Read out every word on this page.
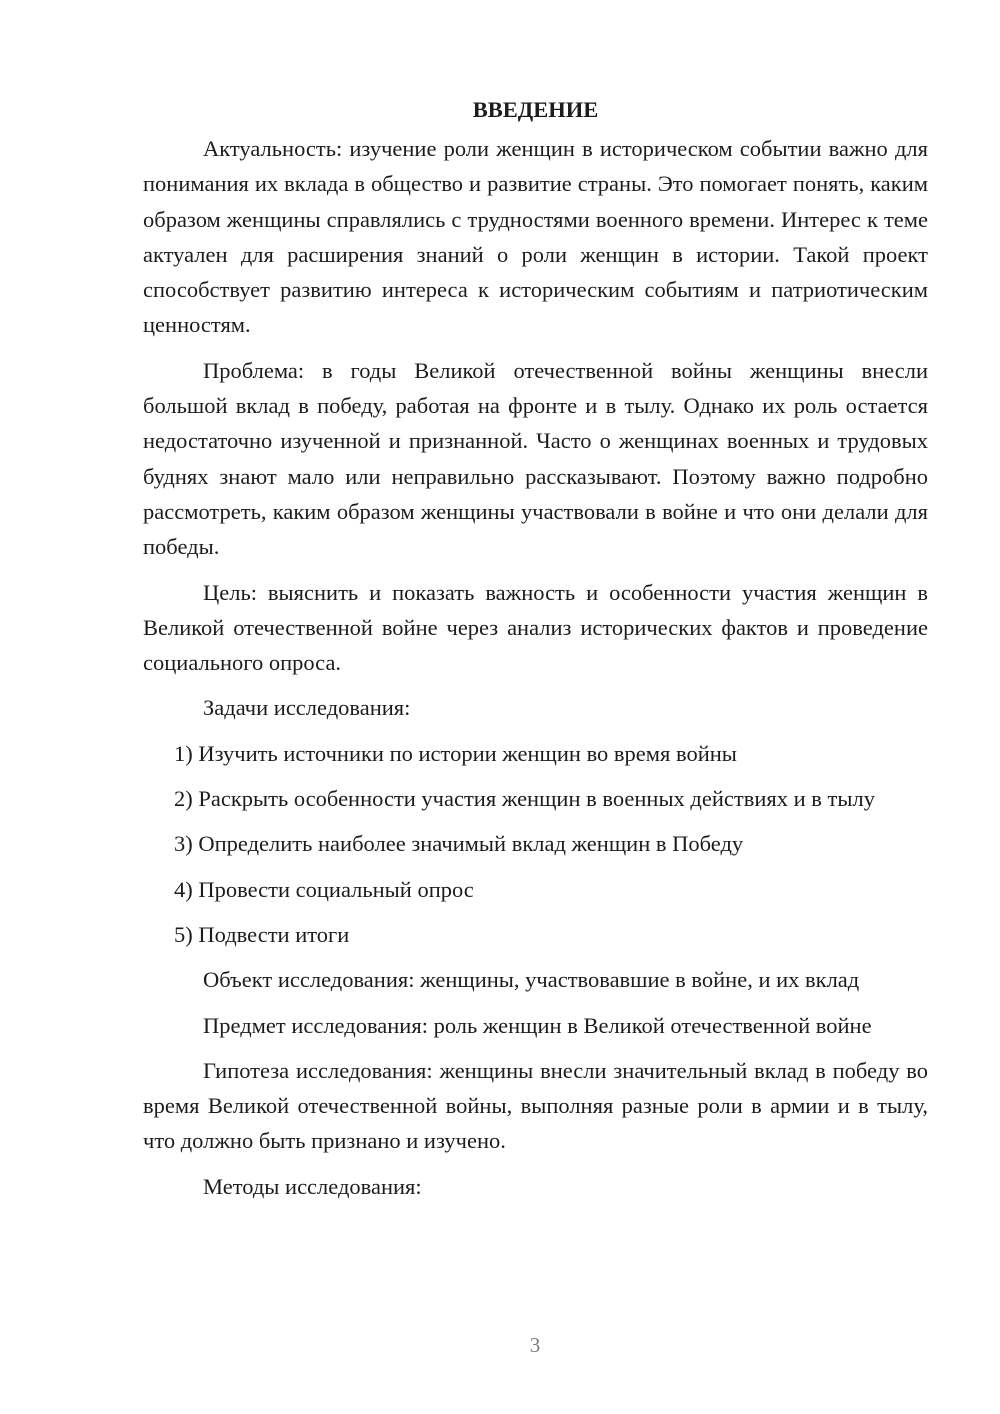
ВВЕДЕНИЕ

Актуальность: изучение роли женщин в историческом событии важно для понимания их вклада в общество и развитие страны. Это помогает понять, каким образом женщины справлялись с трудностями военного времени. Интерес к теме актуален для расширения знаний о роли женщин в истории. Такой проект способствует развитию интереса к историческим событиям и патриотическим ценностям.

Проблема: в годы Великой отечественной войны женщины внесли большой вклад в победу, работая на фронте и в тылу. Однако их роль остается недостаточно изученной и признанной. Часто о женщинах военных и трудовых буднях знают мало или неправильно рассказывают. Поэтому важно подробно рассмотреть, каким образом женщины участвовали в войне и что они делали для победы.

Цель: выяснить и показать важность и особенности участия женщин в Великой отечественной войне через анализ исторических фактов и проведение социального опроса.

Задачи исследования:

1) Изучить источники по истории женщин во время войны

2) Раскрыть особенности участия женщин в военных действиях и в тылу

3) Определить наиболее значимый вклад женщин в Победу

4) Провести социальный опрос

5) Подвести итоги

Объект исследования: женщины, участвовавшие в войне, и их вклад

Предмет исследования: роль женщин в Великой отечественной войне

Гипотеза исследования: женщины внесли значительный вклад в победу во время Великой отечественной войны, выполняя разные роли в армии и в тылу, что должно быть признано и изучено.

Методы исследования:

3
